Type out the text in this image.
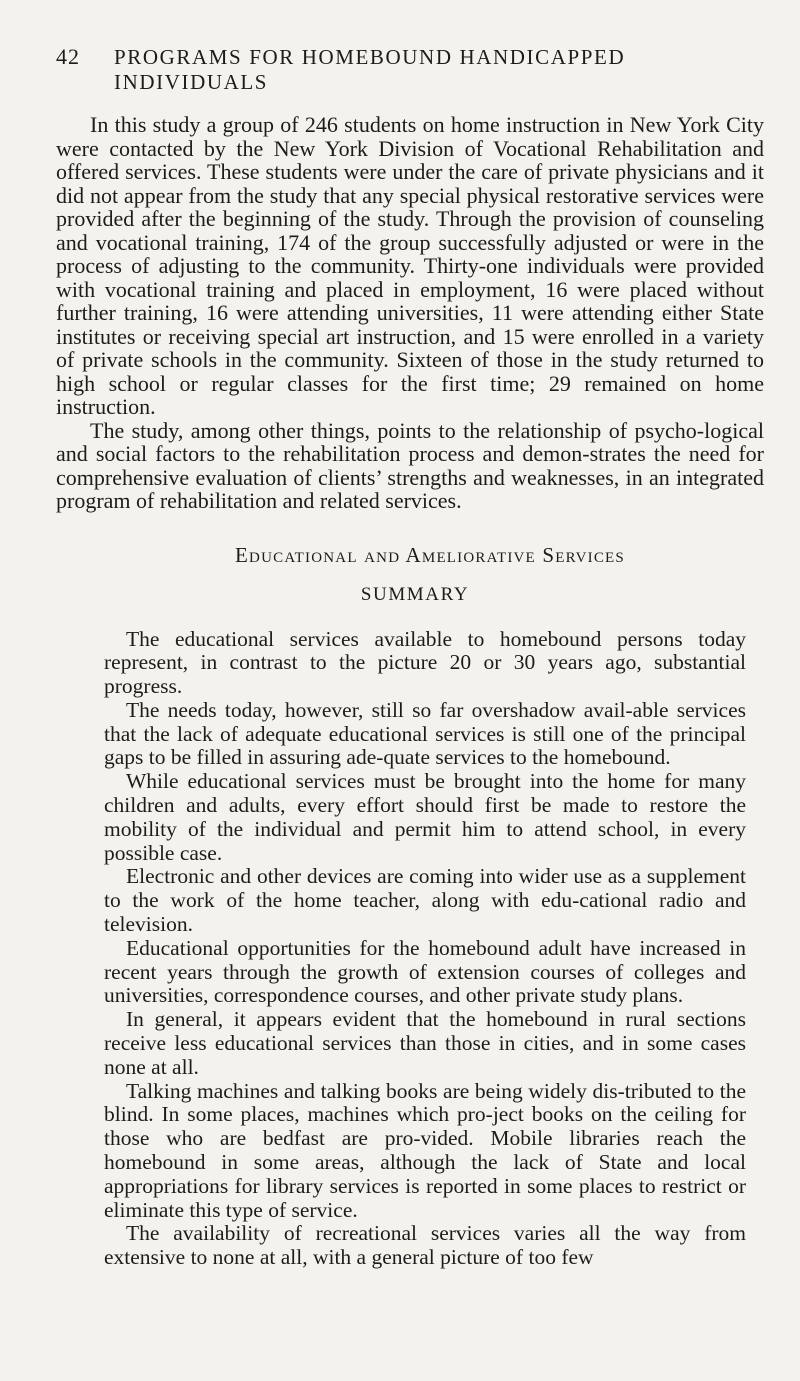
42 PROGRAMS FOR HOMEBOUND HANDICAPPED INDIVIDUALS

In this study a group of 246 students on home instruction in New York City were contacted by the New York Division of Vocational Rehabilitation and offered services. These students were under the care of private physicians and it did not appear from the study that any special physical restorative services were provided after the beginning of the study. Through the provision of counseling and vocational training, 174 of the group successfully adjusted or were in the process of adjusting to the community. Thirty-one individuals were provided with vocational training and placed in employment, 16 were placed without further training, 16 were attending universities, 11 were attending either State institutes or receiving special art instruction, and 15 were enrolled in a variety of private schools in the community. Sixteen of those in the study returned to high school or regular classes for the first time; 29 remained on home instruction.

The study, among other things, points to the relationship of psycho-logical and social factors to the rehabilitation process and demon-strates the need for comprehensive evaluation of clients’ strengths and weaknesses, in an integrated program of rehabilitation and related services.

Educational and Ameliorative Services
SUMMARY

The educational services available to homebound persons today represent, in contrast to the picture 20 or 30 years ago, substantial progress.

The needs today, however, still so far overshadow avail-able services that the lack of adequate educational services is still one of the principal gaps to be filled in assuring ade-quate services to the homebound.

While educational services must be brought into the home for many children and adults, every effort should first be made to restore the mobility of the individual and permit him to attend school, in every possible case.

Electronic and other devices are coming into wider use as a supplement to the work of the home teacher, along with edu-cational radio and television.

Educational opportunities for the homebound adult have increased in recent years through the growth of extension courses of colleges and universities, correspondence courses, and other private study plans.

In general, it appears evident that the homebound in rural sections receive less educational services than those in cities, and in some cases none at all.

Talking machines and talking books are being widely dis-tributed to the blind. In some places, machines which pro-ject books on the ceiling for those who are bedfast are pro-vided. Mobile libraries reach the homebound in some areas, although the lack of State and local appropriations for library services is reported in some places to restrict or eliminate this type of service.

The availability of recreational services varies all the way from extensive to none at all, with a general picture of too few
